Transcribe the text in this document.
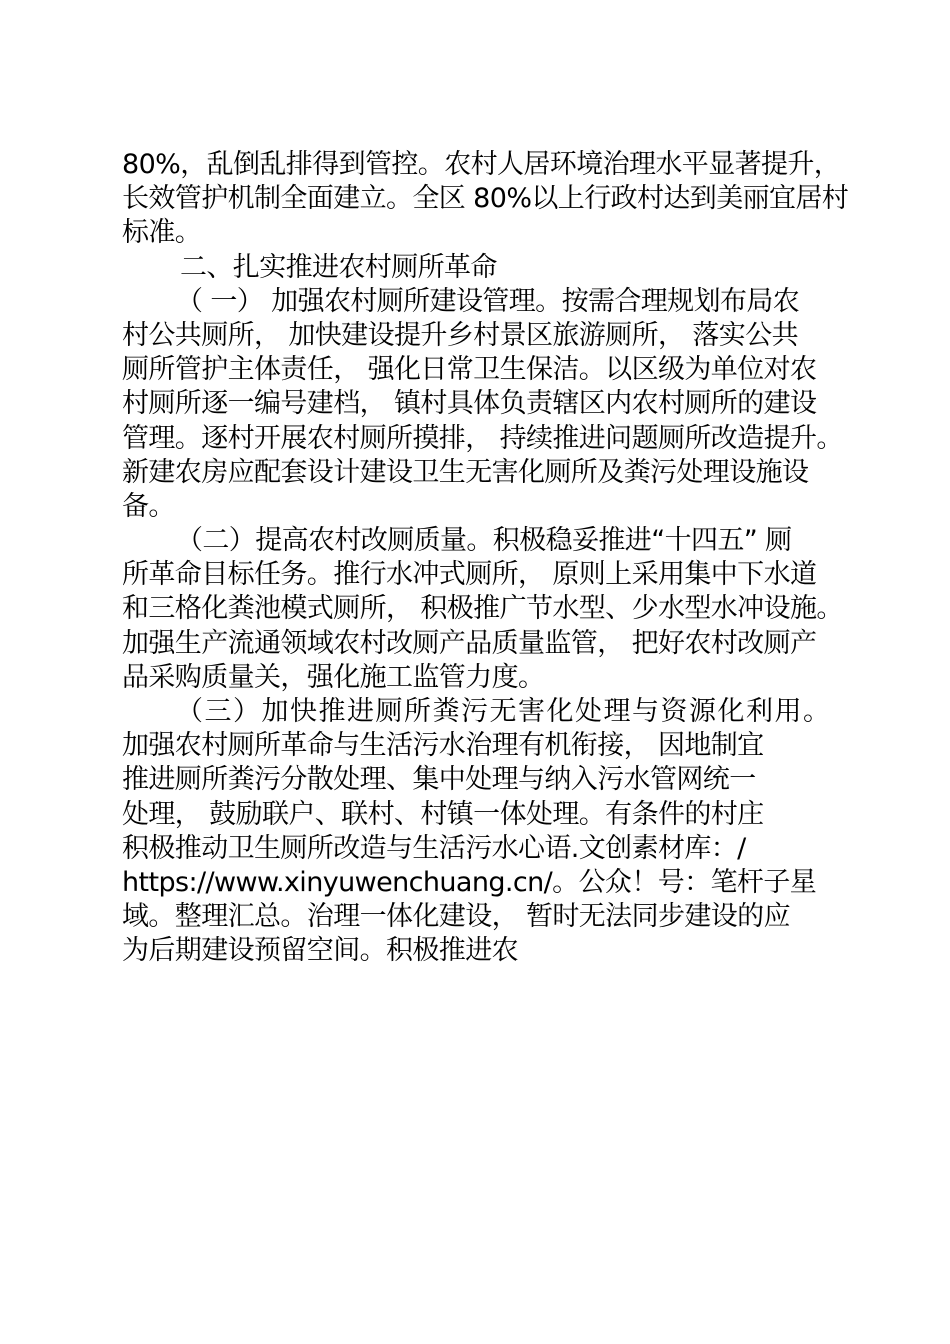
80%，乱倒乱排得到管控。农村人居环境治理水平显著提升，
长效管护机制全面建立。全区 80%以上行政村达到美丽宜居村
标准。
二、扎实推进农村厕所革命
（ 一） 加强农村厕所建设管理。按需合理规划布局农
村公共厕所， 加快建设提升乡村景区旅游厕所， 落实公共
厕所管护主体责任， 强化日常卫生保洁。以区级为单位对农
村厕所逐一编号建档， 镇村具体负责辖区内农村厕所的建设
管理。逐村开展农村厕所摸排， 持续推进问题厕所改造提升。
新建农房应配套设计建设卫生无害化厕所及粪污处理设施设
备。
（二）提高农村改厕质量。积极稳妥推进“十四五” 厕
所革命目标任务。推行水冲式厕所， 原则上采用集中下水道
和三格化粪池模式厕所， 积极推广节水型、少水型水冲设施。
加强生产流通领域农村改厕产品质量监管， 把好农村改厕产
品采购质量关，强化施工监管力度。
（三）加快推进厕所粪污无害化处理与资源化利用。
加强农村厕所革命与生活污水治理有机衔接， 因地制宜
推进厕所粪污分散处理、集中处理与纳入污水管网统一
处理， 鼓励联户、联村、村镇一体处理。有条件的村庄
积极推动卫生厕所改造与生活污水心语.文创素材库：/
https://www.xinyuwenchuang.cn/。公众！号：笔杆子星
域。整理汇总。治理一体化建设， 暂时无法同步建设的应
为后期建设预留空间。积极推进农
